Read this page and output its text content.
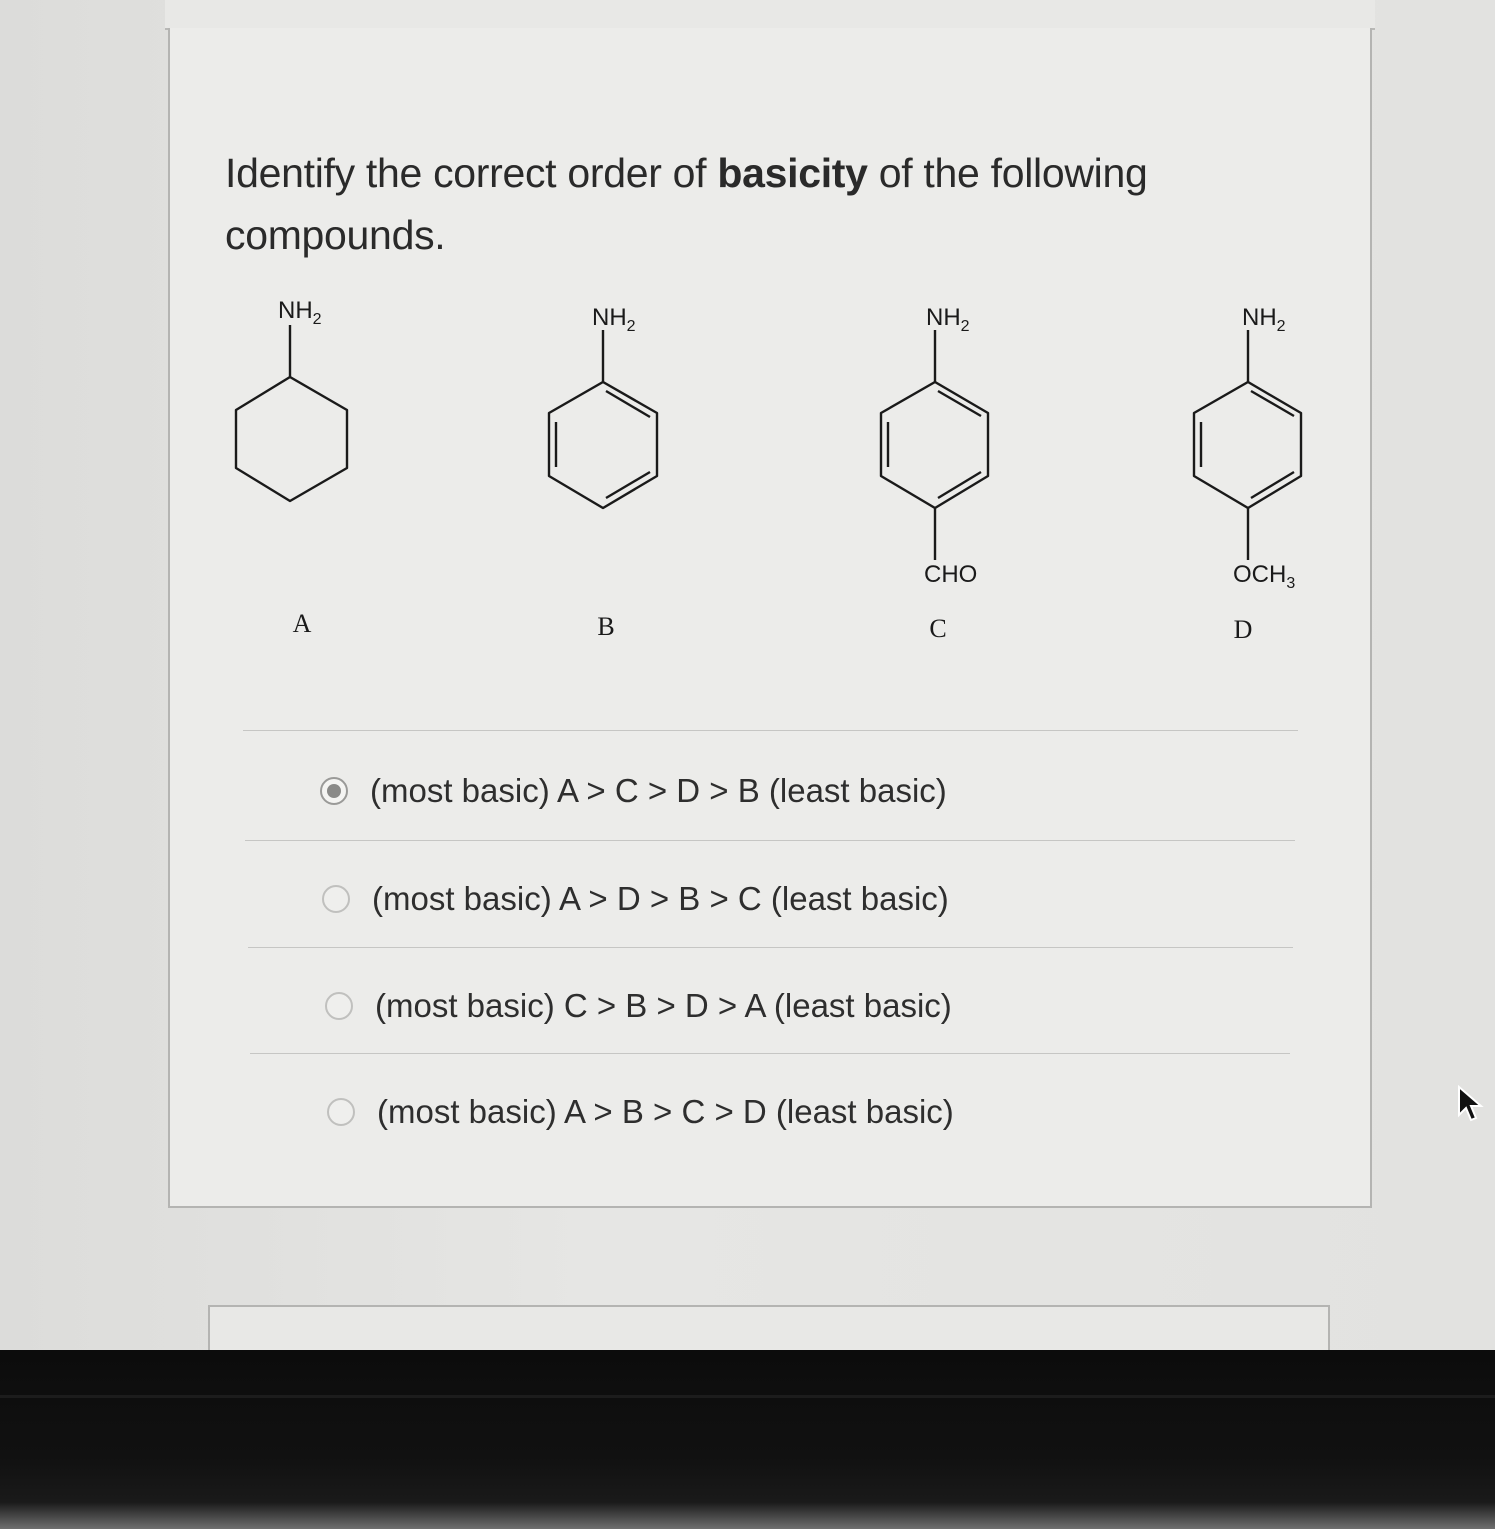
Identify the correct order of basicity of the following compounds.
$NH_2$	$NH_2$	$NH_2$	$NH_2$
CHO	$OCH_3$
A	B	C	D
(most basic) A > C > D > B (least basic)
(most basic) A > D > B > C (least basic)
(most basic) C > B > D > A (least basic)
(most basic) A > B > C > D (least basic)
